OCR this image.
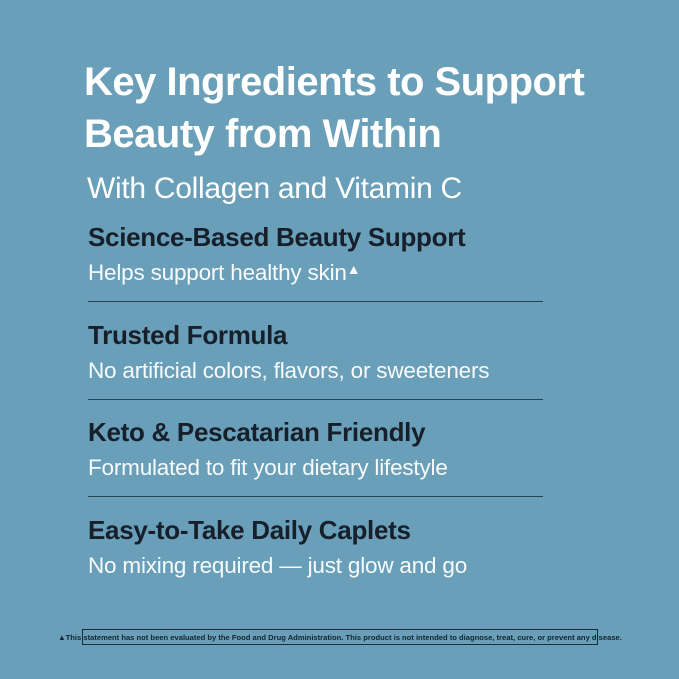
Key Ingredients to Support
Beauty from Within
With Collagen and Vitamin C
Science-Based Beauty Support
Helps support healthy skin▲
Trusted Formula
No artificial colors, flavors, or sweeteners
Keto & Pescatarian Friendly
Formulated to fit your dietary lifestyle
Easy-to-Take Daily Caplets
No mixing required — just glow and go
▲This statement has not been evaluated by the Food and Drug Administration. This product is not intended to diagnose, treat, cure, or prevent any disease.
